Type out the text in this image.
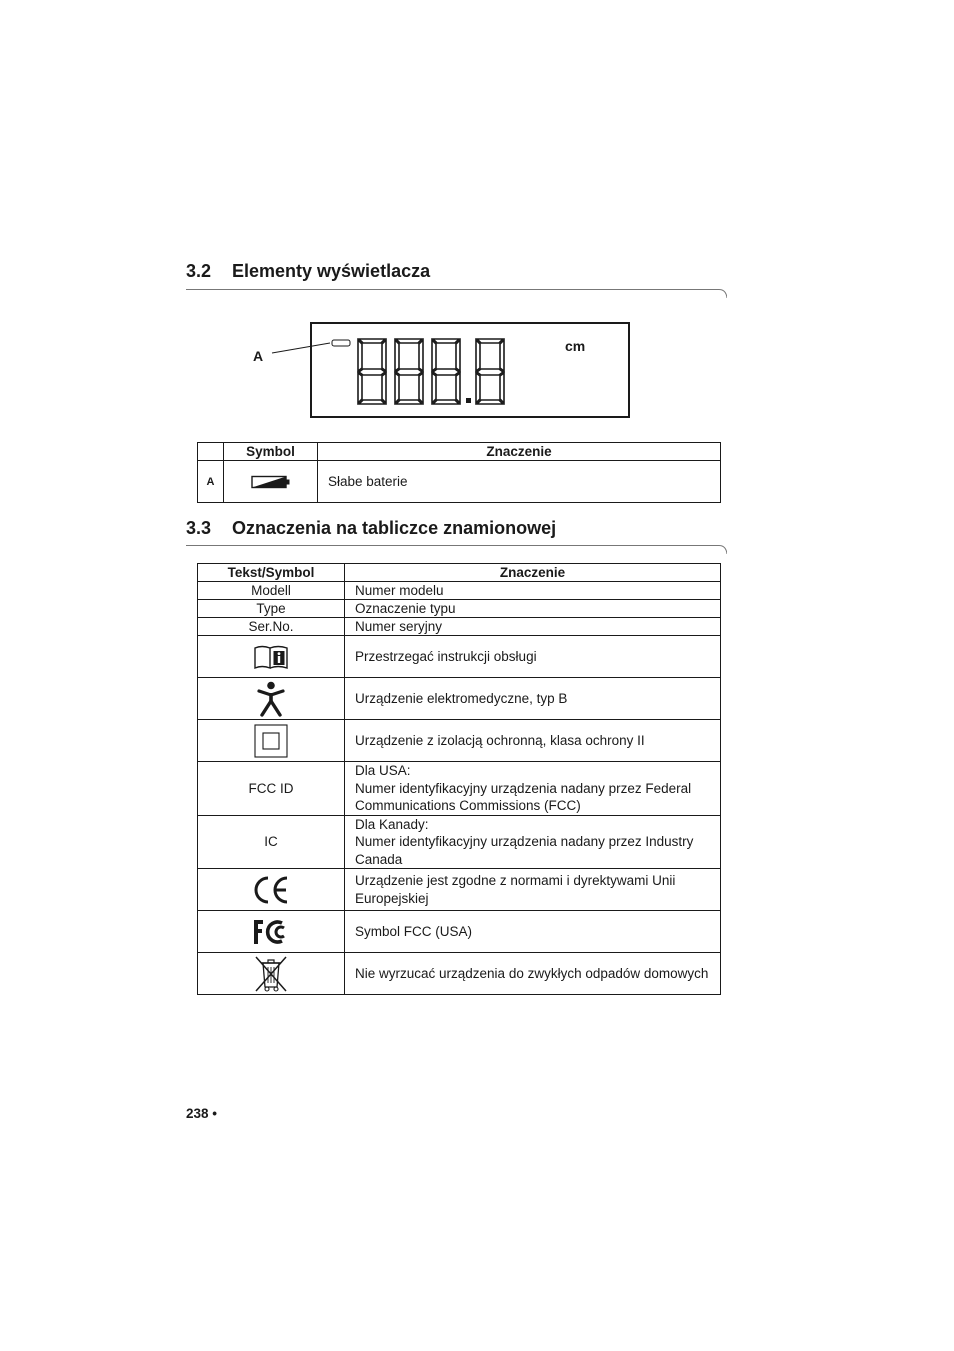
3.2 Elementy wyświetlacza
cm
A
	Symbol	Znaczenie
A		Słabe baterie
3.3 Oznaczenia na tabliczce znamionowej
Tekst/Symbol	Znaczenie
Modell	Numer modelu
Type	Oznaczenie typu
Ser.No.	Numer seryjny
	Przestrzegać instrukcji obsługi
	Urządzenie elektromedyczne, typ B
	Urządzenie z izolacją ochronną, klasa ochrony II
FCC ID	Dla USA:
Numer identyfikacyjny urządzenia nadany przez Federal Communications Commissions (FCC)

IC	Dla Kanady:
Numer identyfikacyjny urządzenia nadany przez Industry Canada

	Urządzenie jest zgodne z normami i dyrektywami Unii Europejskiej
	Symbol FCC (USA)
	Nie wyrzucać urządzenia do zwykłych odpadów domowych
238 •
